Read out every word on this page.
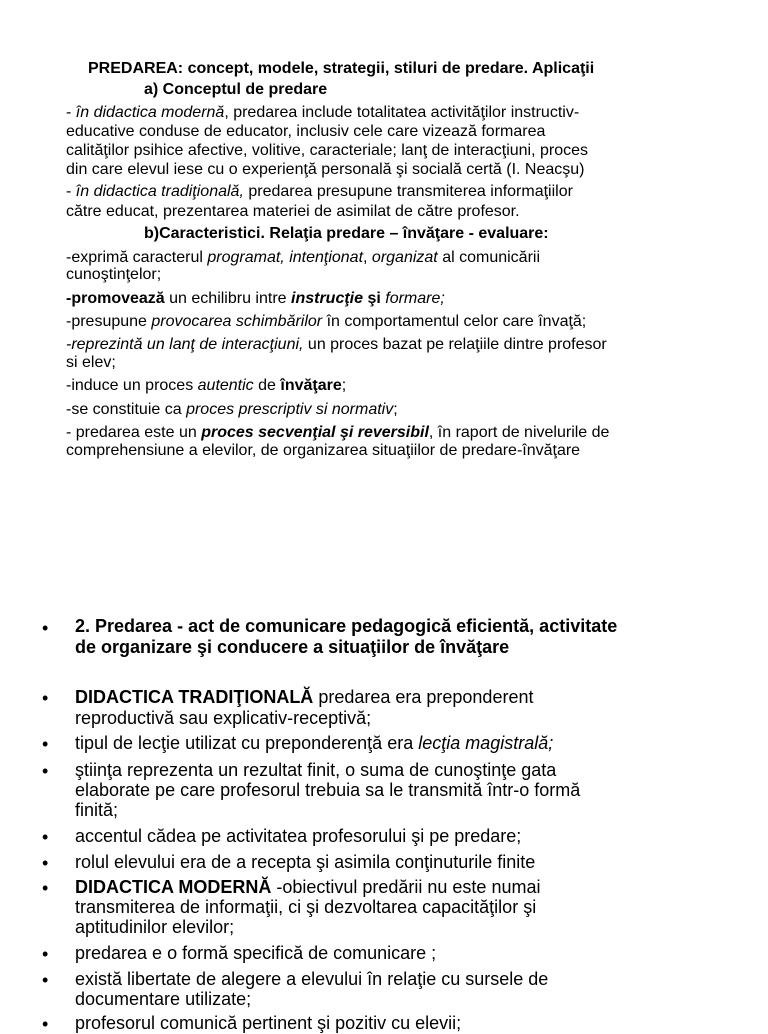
PREDAREA: concept, modele, strategii, stiluri de predare. Aplicaţii
a) Conceptul de predare
- în didactica modernă, predarea include totalitatea activităţilor instructiv-
educative conduse de educator, inclusiv cele care vizează formarea
calităţilor psihice afective, volitive, caracteriale; lanţ de interacţiuni, proces
din care elevul iese cu o experienţă personală şi socială certă (I. Neacşu)
- în didactica tradiţională, predarea presupune transmiterea informaţiilor
către educat, prezentarea materiei de asimilat de către profesor.
b)Caracteristici. Relaţia predare – învăţare - evaluare:
-exprimă caracterul programat, intenţionat, organizat al comunicării
cunoştinţelor;
-promovează un echilibru intre instrucţie şi formare;
-presupune provocarea schimbărilor în comportamentul celor care învaţă;
-reprezintă un lanţ de interacţiuni, un proces bazat pe relaţiile dintre profesor
si elev;
-induce un proces autentic de învăţare;
-se constituie ca proces prescriptiv si normativ;
- predarea este un proces secvenţial şi reversibil, în raport de nivelurile de
comprehensiune a elevilor, de organizarea situaţiilor de predare-învăţare
• 2. Predarea - act de comunicare pedagogică eficientă, activitate
de organizare şi conducere a situaţiilor de învăţare
• DIDACTICA TRADIŢIONALĂ predarea era preponderent
reproductivă sau explicativ-receptivă;
• tipul de lecţie utilizat cu preponderenţă era lecţia magistrală;
• ştiinţa reprezenta un rezultat finit, o suma de cunoştinţe gata
elaborate pe care profesorul trebuia sa le transmită într-o formă
finită;
• accentul cădea pe activitatea profesorului şi pe predare;
• rolul elevului era de a recepta şi asimila conţinuturile finite
• DIDACTICA MODERNĂ -obiectivul predării nu este numai
transmiterea de informaţii, ci şi dezvoltarea capacităţilor şi
aptitudinilor elevilor;
• predarea e o formă specifică de comunicare ;
• există libertate de alegere a elevului în relaţie cu sursele de
documentare utilizate;
• profesorul comunică pertinent şi pozitiv cu elevii;
